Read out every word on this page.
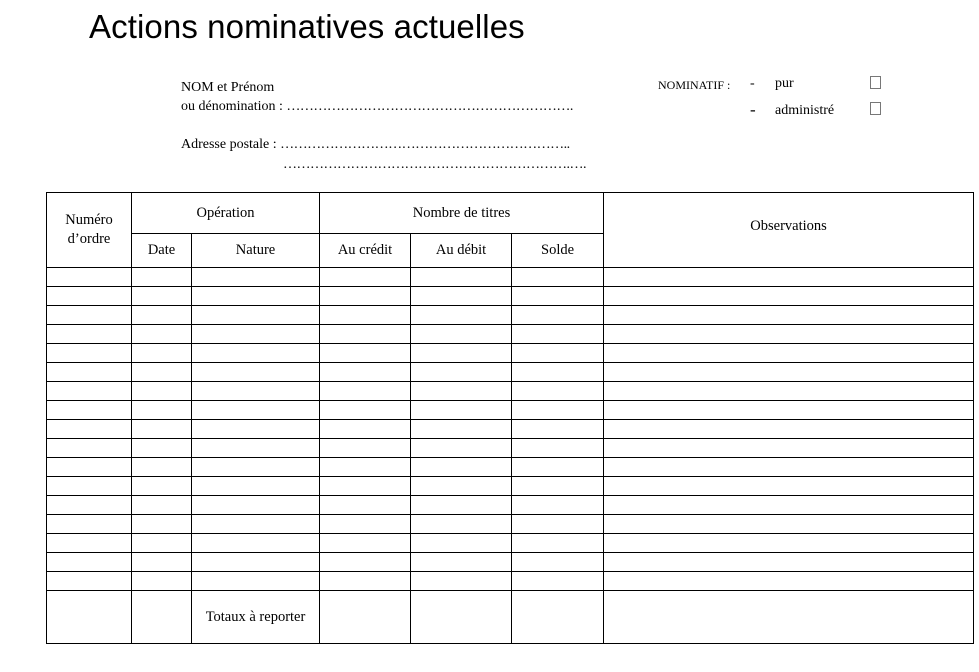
Actions nominatives actuelles
NOM et Prénom
ou dénomination : ……………………………………………………….
Adresse postale : ………………………………………………………..
……………………………………………………….….
NOMINATIF : - pur
- administré
Numéro d’ordre	Opération		Nombre de titres			Observations
	Date	Nature	Au crédit	Au débit	Solde	

		Totaux à reporter				
